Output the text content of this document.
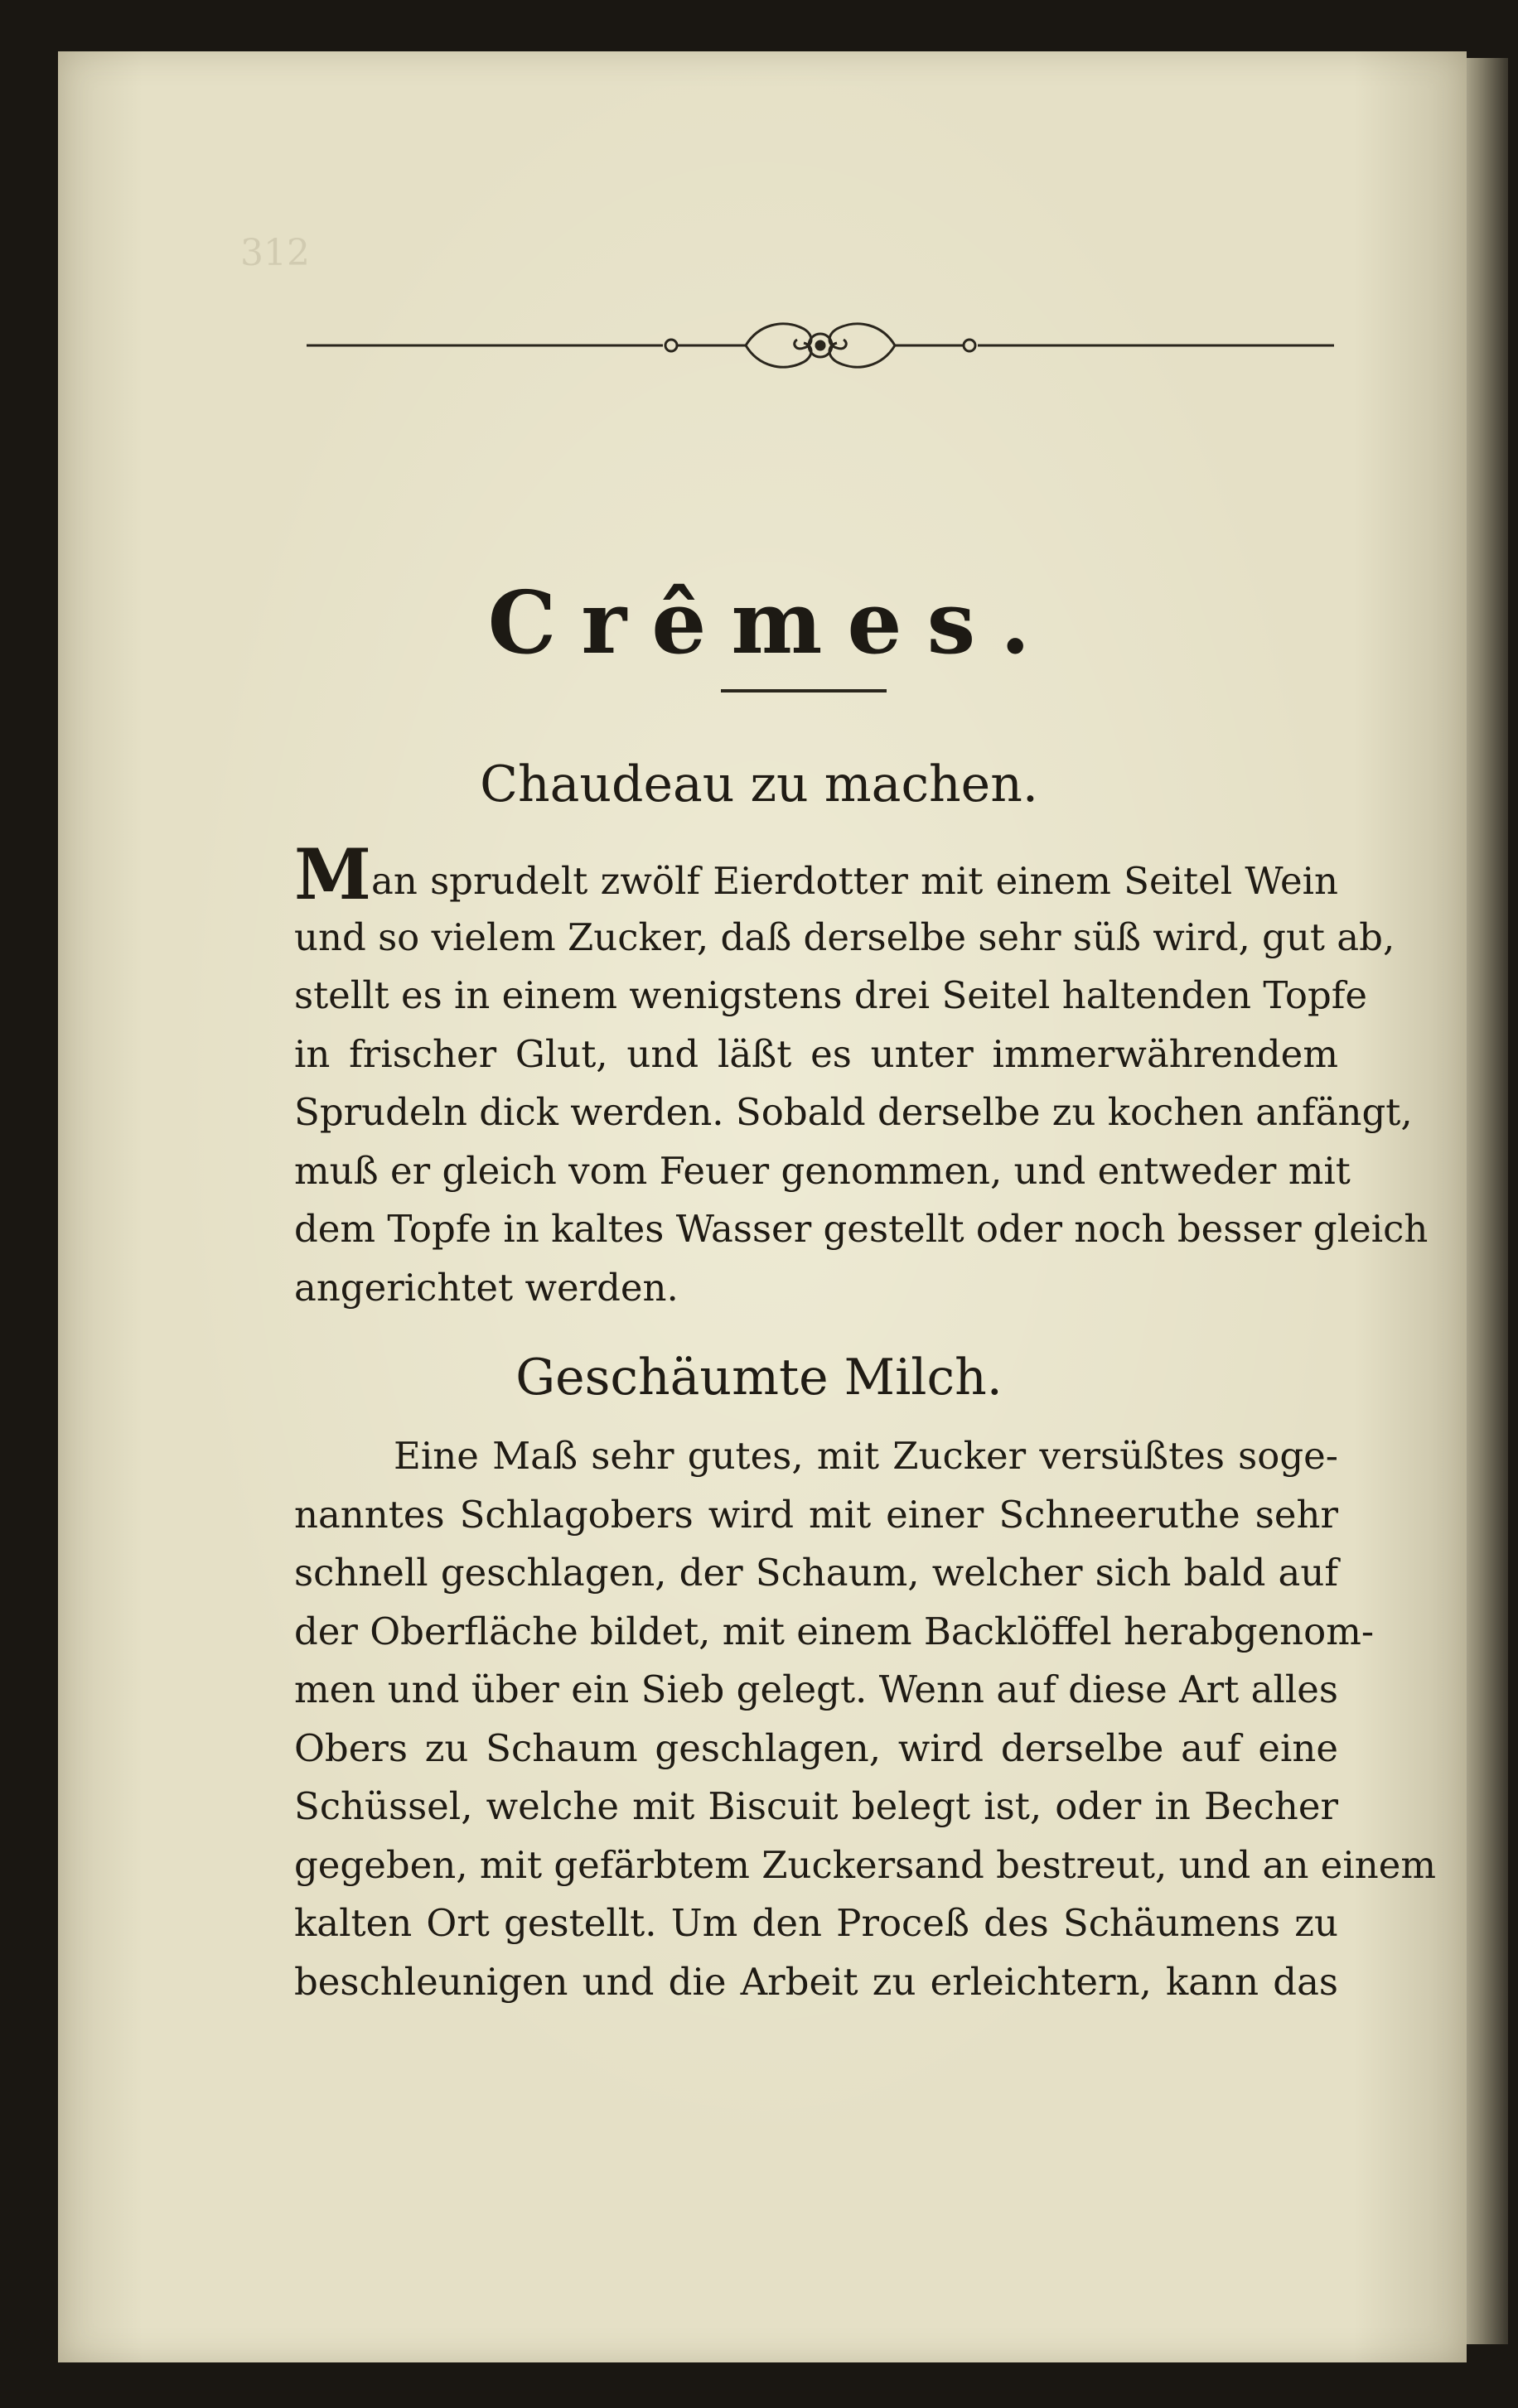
312
Crêmes.
Chaudeau zu machen.
Man sprudelt zwölf Eierdotter mit einem Seitel Wein
und so vielem Zucker, daß derselbe sehr süß wird, gut ab,
stellt es in einem wenigstens drei Seitel haltenden Topfe
in frischer Glut, und läßt es unter immerwährendem
Sprudeln dick werden. Sobald derselbe zu kochen anfängt,
muß er gleich vom Feuer genommen, und entweder mit
dem Topfe in kaltes Wasser gestellt oder noch besser gleich
angerichtet werden.
Geschäumte Milch.
Eine Maß sehr gutes, mit Zucker versüßtes soge-
nanntes Schlagobers wird mit einer Schneeruthe sehr
schnell geschlagen, der Schaum, welcher sich bald auf
der Oberfläche bildet, mit einem Backlöffel herabgenom-
men und über ein Sieb gelegt. Wenn auf diese Art alles
Obers zu Schaum geschlagen, wird derselbe auf eine
Schüssel, welche mit Biscuit belegt ist, oder in Becher
gegeben, mit gefärbtem Zuckersand bestreut, und an einem
kalten Ort gestellt. Um den Proceß des Schäumens zu
beschleunigen und die Arbeit zu erleichtern, kann das
